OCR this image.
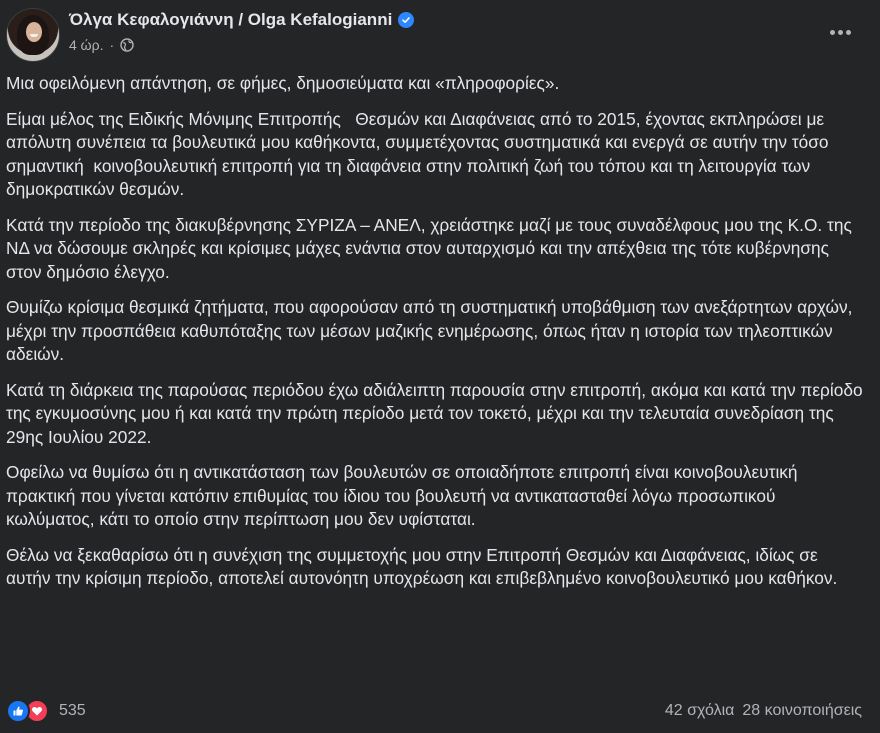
Όλγα Κεφαλογιάννη / Olga Kefalogianni
4 ώρ. ·

Μια οφειλόμενη απάντηση, σε φήμες, δημοσιεύματα και «πληροφορίες».

Είμαι μέλος της Ειδικής Μόνιμης Επιτροπής   Θεσμών και Διαφάνειας από το 2015, έχοντας εκπληρώσει με απόλυτη συνέπεια τα βουλευτικά μου καθήκοντα, συμμετέχοντας συστηματικά και ενεργά σε αυτήν την τόσο σημαντική  κοινοβουλευτική επιτροπή για τη διαφάνεια στην πολιτική ζωή του τόπου και τη λειτουργία των δημοκρατικών θεσμών.

Κατά την περίοδο της διακυβέρνησης ΣΥΡΙΖΑ – ΑΝΕΛ, χρειάστηκε μαζί με τους συναδέλφους μου της Κ.Ο. της ΝΔ να δώσουμε σκληρές και κρίσιμες μάχες ενάντια στον αυταρχισμό και την απέχθεια της τότε κυβέρνησης στον δημόσιο έλεγχο.

Θυμίζω κρίσιμα θεσμικά ζητήματα, που αφορούσαν από τη συστηματική υποβάθμιση των ανεξάρτητων αρχών, μέχρι την προσπάθεια καθυπόταξης των μέσων μαζικής ενημέρωσης, όπως ήταν η ιστορία των τηλεοπτικών αδειών.

Κατά τη διάρκεια της παρούσας περιόδου έχω αδιάλειπτη παρουσία στην επιτροπή, ακόμα και κατά την περίοδο της εγκυμοσύνης μου ή και κατά την πρώτη περίοδο μετά τον τοκετό, μέχρι και την τελευταία συνεδρίαση της 29ης Ιουλίου 2022.

Οφείλω να θυμίσω ότι η αντικατάσταση των βουλευτών σε οποιαδήποτε επιτροπή είναι κοινοβουλευτική πρακτική που γίνεται κατόπιν επιθυμίας του ίδιου του βουλευτή να αντικατασταθεί λόγω προσωπικού κωλύματος, κάτι το οποίο στην περίπτωση μου δεν υφίσταται.

Θέλω να ξεκαθαρίσω ότι η συνέχιση της συμμετοχής μου στην Επιτροπή Θεσμών και Διαφάνειας, ιδίως σε αυτήν την κρίσιμη περίοδο, αποτελεί αυτονόητη υποχρέωση και επιβεβλημένο κοινοβουλευτικό μου καθήκον.

535	42 σχόλια 28 κοινοποιήσεις
